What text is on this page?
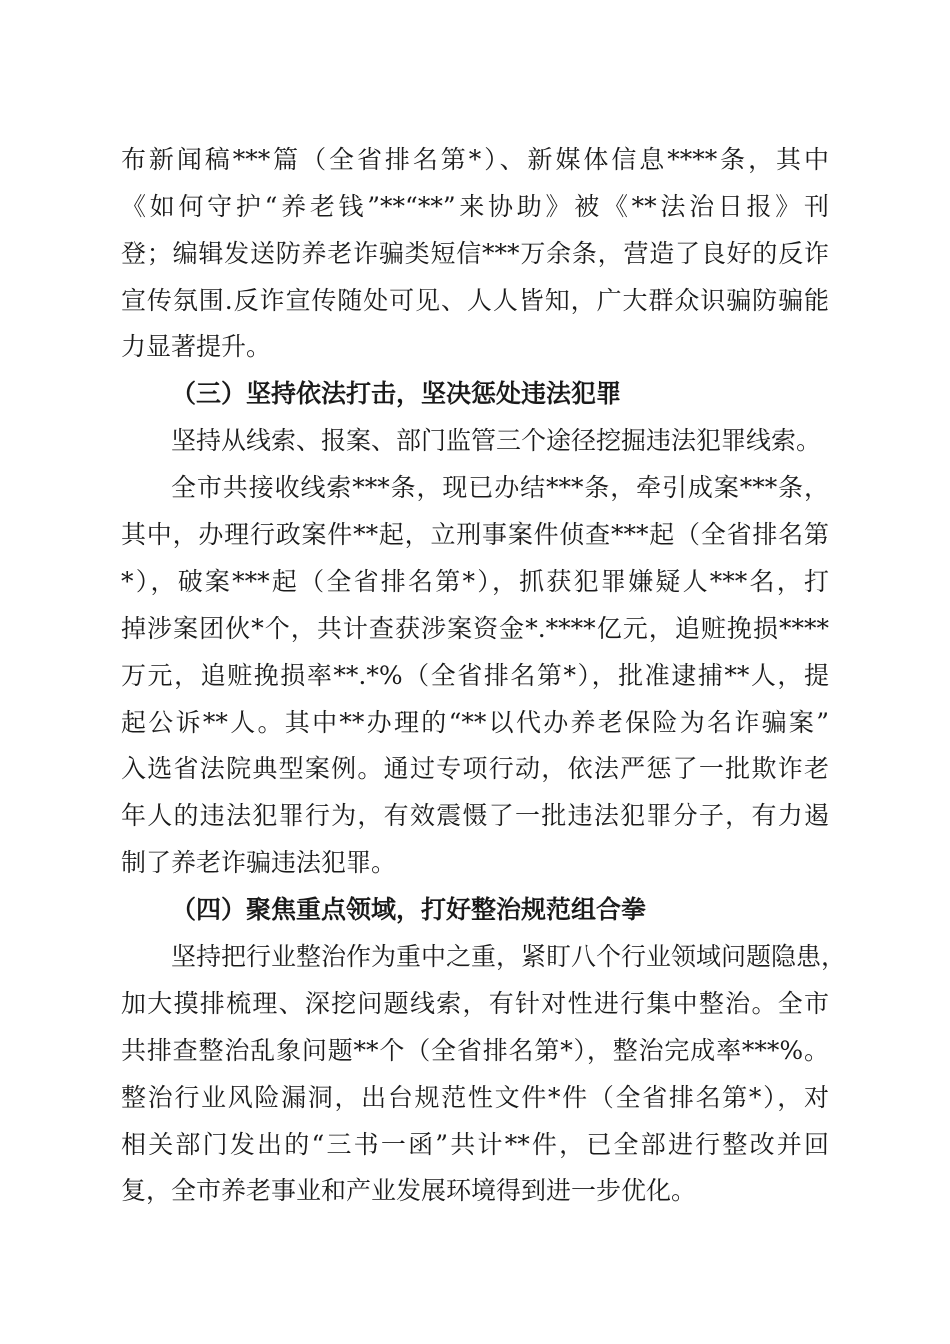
布新闻稿***篇（全省排名第*）、新媒体信息****条，其中
《如何守护“养老钱”**“**”来协助》被《**法治日报》刊
登；编辑发送防养老诈骗类短信***万余条，营造了良好的反诈
宣传氛围.反诈宣传随处可见、人人皆知，广大群众识骗防骗能
力显著提升。
（三）坚持依法打击，坚决惩处违法犯罪
坚持从线索、报案、部门监管三个途径挖掘违法犯罪线索。
全市共接收线索***条，现已办结***条，牵引成案***条，
其中，办理行政案件**起，立刑事案件侦查***起（全省排名第
*），破案***起（全省排名第*），抓获犯罪嫌疑人***名，打
掉涉案团伙*个，共计查获涉案资金*.****亿元，追赃挽损****
万元，追赃挽损率**.*%（全省排名第*），批准逮捕**人，提
起公诉**人。其中**办理的“**以代办养老保险为名诈骗案”
入选省法院典型案例。通过专项行动，依法严惩了一批欺诈老
年人的违法犯罪行为，有效震慑了一批违法犯罪分子，有力遏
制了养老诈骗违法犯罪。
（四）聚焦重点领域，打好整治规范组合拳
坚持把行业整治作为重中之重，紧盯八个行业领域问题隐患，
加大摸排梳理、深挖问题线索，有针对性进行集中整治。全市
共排查整治乱象问题**个（全省排名第*），整治完成率***%。
整治行业风险漏洞，出台规范性文件*件（全省排名第*），对
相关部门发出的“三书一函”共计**件，已全部进行整改并回
复，全市养老事业和产业发展环境得到进一步优化。
